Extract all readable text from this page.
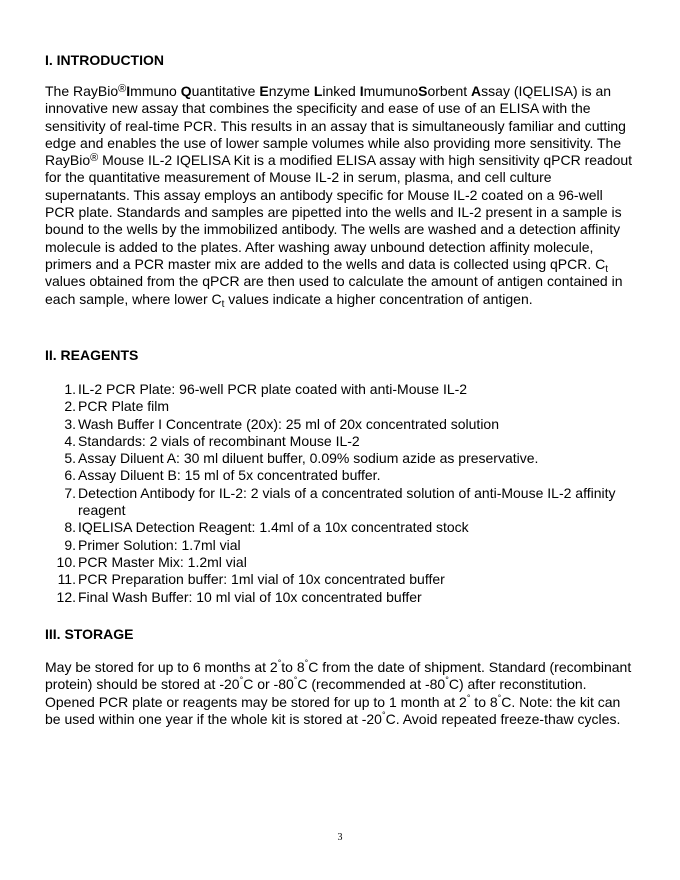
I. INTRODUCTION

The RayBio®Immuno Quantitative Enzyme Linked ImumunoSorbent Assay (IQELISA) is an innovative new assay that combines the specificity and ease of use of an ELISA with the sensitivity of real-time PCR. This results in an assay that is simultaneously familiar and cutting edge and enables the use of lower sample volumes while also providing more sensitivity. The RayBio® Mouse IL-2 IQELISA Kit is a modified ELISA assay with high sensitivity qPCR readout for the quantitative measurement of Mouse IL-2 in serum, plasma, and cell culture supernatants. This assay employs an antibody specific for Mouse IL-2 coated on a 96-well PCR plate. Standards and samples are pipetted into the wells and IL-2 present in a sample is bound to the wells by the immobilized antibody. The wells are washed and a detection affinity molecule is added to the plates. After washing away unbound detection affinity molecule, primers and a PCR master mix are added to the wells and data is collected using qPCR. $C_t$ values obtained from the qPCR are then used to calculate the amount of antigen contained in each sample, where lower $C_t$ values indicate a higher concentration of antigen.

II. REAGENTS
1. IL-2 PCR Plate: 96-well PCR plate coated with anti-Mouse IL-2
2. PCR Plate film
3. Wash Buffer I Concentrate (20x): 25 ml of 20x concentrated solution
4. Standards: 2 vials of recombinant Mouse IL-2
5. Assay Diluent A: 30 ml diluent buffer, 0.09% sodium azide as preservative.
6. Assay Diluent B: 15 ml of 5x concentrated buffer.
7. Detection Antibody for IL-2: 2 vials of a concentrated solution of anti-Mouse IL-2 affinity reagent
8. IQELISA Detection Reagent: 1.4ml of a 10x concentrated stock
9. Primer Solution: 1.7ml vial
10. PCR Master Mix: 1.2ml vial
11. PCR Preparation buffer: 1ml vial of 10x concentrated buffer
12. Final Wash Buffer: 10 ml vial of 10x concentrated buffer
III. STORAGE

May be stored for up to 6 months at 2°to 8°C from the date of shipment. Standard (recombinant protein) should be stored at -20°C or -80°C (recommended at -80°C) after reconstitution. Opened PCR plate or reagents may be stored for up to 1 month at 2° to 8°C. Note: the kit can be used within one year if the whole kit is stored at -20°C. Avoid repeated freeze-thaw cycles.

3
